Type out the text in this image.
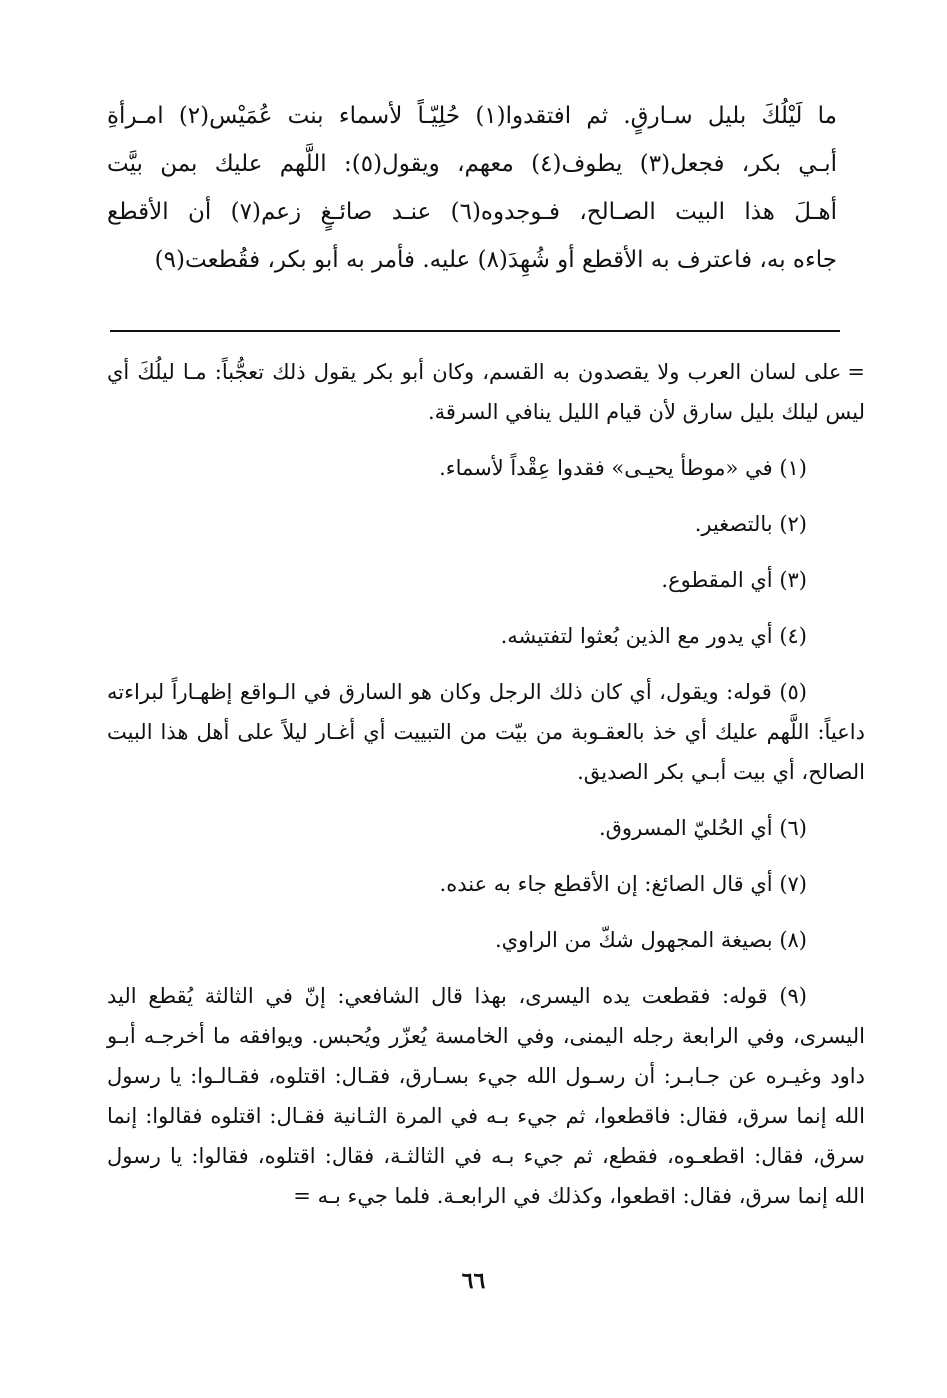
ما لَيْلُكَ بليل سـارقٍ. ثم افتقدوا(١) حُلِيّـاً لأسماء بنت عُمَيْس(٢) امـرأةِ
أبـي بكر، فجعل(٣) يطوف(٤) معهم، ويقول(٥): اللَّهم عليك بمن بيَّت
أهـلَ هذا البيت الصـالح، فـوجدوه(٦) عنـد صائـغٍ زعم(٧) أن الأقطع
جاءه به، فاعترف به الأقطع أو شُهِدَ(٨) عليه. فأمر به أبو بكر، فقُطعت(٩)

=على لسان العرب ولا يقصدون به القسم، وكان أبو بكر يقول ذلك تعجُّباً: مـا ليلُكَ أي ليس ليلك بليل سارق لأن قيام الليل ينافي السرقة.

(١) في «موطأ يحيـى» فقدوا عِقْداً لأسماء.

(٢) بالتصغير.

(٣) أي المقطوع.

(٤) أي يدور مع الذين بُعثوا لتفتيشه.

(٥) قوله: ويقول، أي كان ذلك الرجل وكان هو السارق في الـواقع إظهـاراً لبراءته داعياً: اللَّهم عليك أي خذ بالعقـوبة من بيّت من التبييت أي أغـار ليلاً على أهل هذا البيت الصالح، أي بيت أبـي بكر الصديق.

(٦) أي الحُليّ المسروق.

(٧) أي قال الصائغ: إن الأقطع جاء به عنده.

(٨) بصيغة المجهول شكّ من الراوي.

(٩) قوله: فقطعت يده اليسرى، بهذا قال الشافعي: إنّ في الثالثة يُقطع اليد اليسرى، وفي الرابعة رجله اليمنى، وفي الخامسة يُعزّر ويُحبس. ويوافقه ما أخرجـه أبـو داود وغيـره عن جـابـر: أن رسـول الله جيء بسـارق، فقـال: اقتلوه، فقـالـوا: يا رسول الله إنما سرق، فقال: فاقطعوا، ثم جيء بـه في المرة الثـانية فقـال: اقتلوه فقالوا: إنما سرق، فقال: اقطعـوه، فقطع، ثم جيء بـه في الثالثـة، فقال: اقتلوه، فقالوا: يا رسول الله إنما سرق، فقال: اقطعوا، وكذلك في الرابعـة. فلما جيء بـه =

٦٦
